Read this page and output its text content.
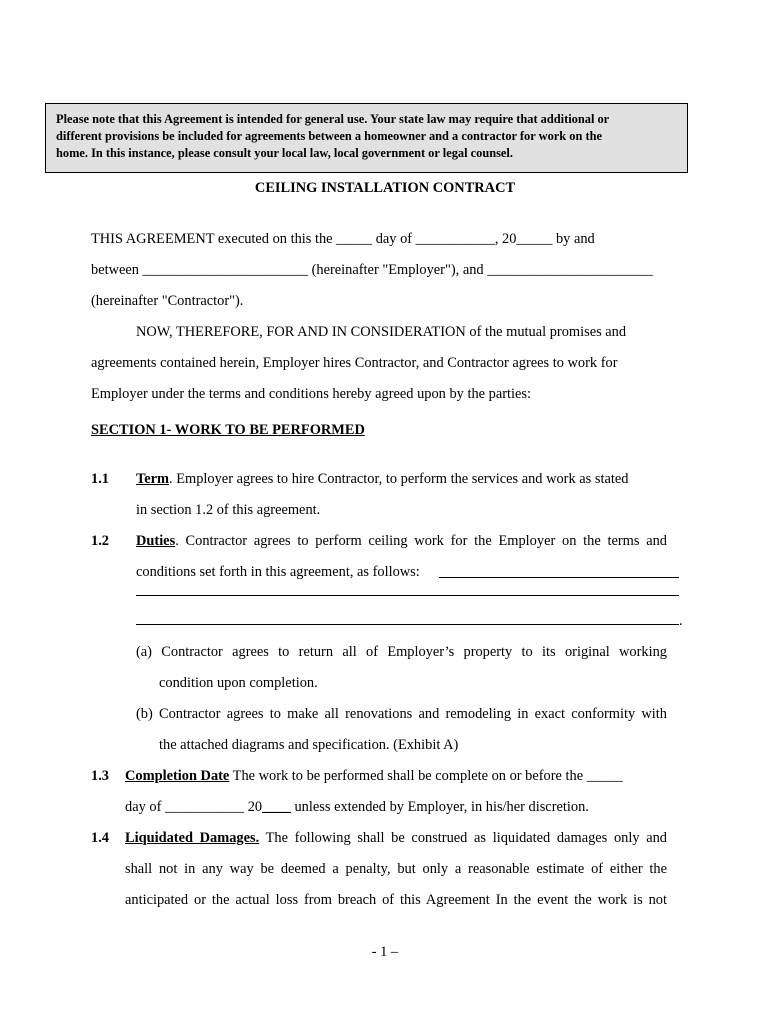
Please note that this Agreement is intended for general use. Your state law may require that additional or
different provisions be included for agreements between a homeowner and a contractor for work on the
home. In this instance, please consult your local law, local government or legal counsel.
CEILING INSTALLATION CONTRACT
THIS AGREEMENT executed on this the _____ day of ___________, 20_____ by and
between _______________________ (hereinafter "Employer"), and _______________________
(hereinafter "Contractor").
NOW, THEREFORE, FOR AND IN CONSIDERATION of the mutual promises and
agreements contained herein, Employer hires Contractor, and Contractor agrees to work for
Employer under the terms and conditions hereby agreed upon by the parties:
SECTION 1- WORK TO BE PERFORMED
1.1 Term. Employer agrees to hire Contractor, to perform the services and work as stated
in section 1.2 of this agreement.
1.2 Duties. Contractor agrees to perform ceiling work for the Employer on the terms and
conditions set forth in this agreement, as follows:
.
(a) Contractor agrees to return all of Employer’s property to its original working
condition upon completion.
(b) Contractor agrees to make all renovations and remodeling in exact conformity with
the attached diagrams and specification. (Exhibit A)
1.3 Completion Date The work to be performed shall be complete on or before the _____
day of ___________ 20____ unless extended by Employer, in his/her discretion.
1.4 Liquidated Damages. The following shall be construed as liquidated damages only and
shall not in any way be deemed a penalty, but only a reasonable estimate of either the
anticipated or the actual loss from breach of this Agreement In the event the work is not
- 1 –
